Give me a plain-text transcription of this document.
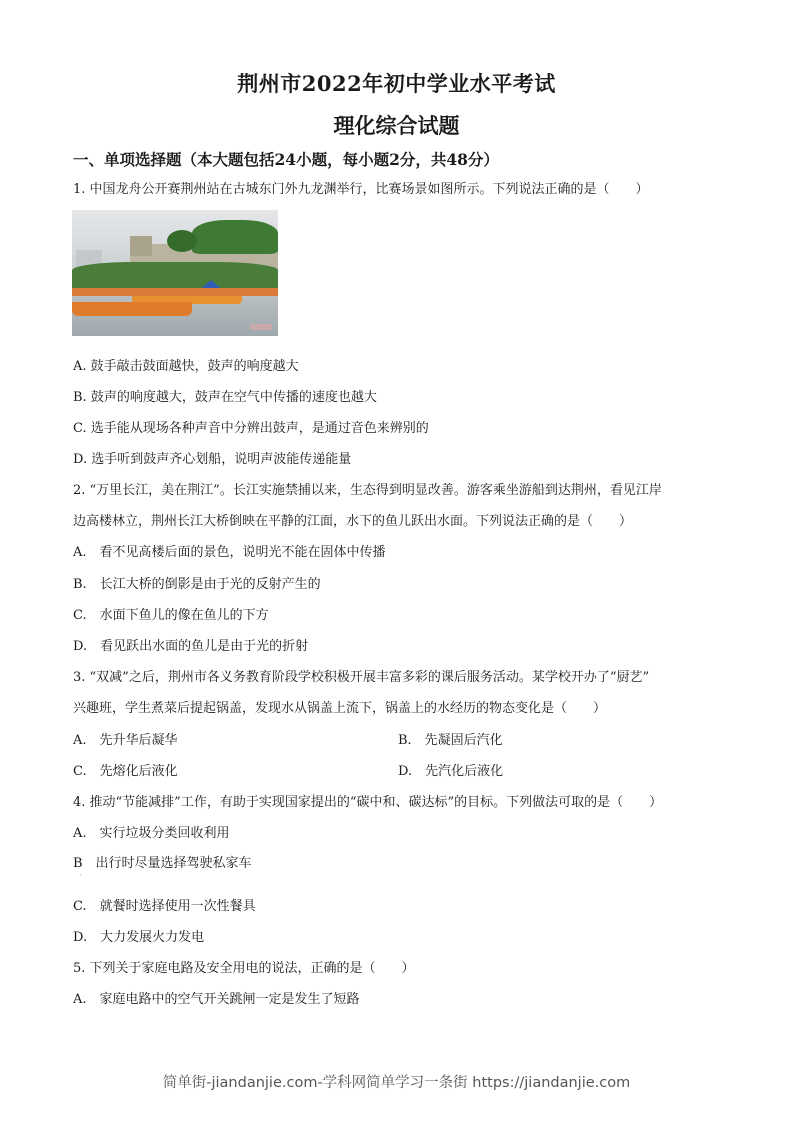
荆州市2022年初中学业水平考试
理化综合试题
一、单项选择题（本大题包括24小题，每小题2分，共48分）
1. 中国龙舟公开赛荆州站在古城东门外九龙渊举行，比赛场景如图所示。下列说法正确的是（　　）
A. 鼓手敲击鼓面越快，鼓声的响度越大
B. 鼓声的响度越大，鼓声在空气中传播的速度也越大
C. 选手能从现场各种声音中分辨出鼓声，是通过音色来辨别的
D. 选手听到鼓声齐心划船，说明声波能传递能量
2. “万里长江，美在荆江”。长江实施禁捕以来，生态得到明显改善。游客乘坐游船到达荆州，看见江岸
边高楼林立，荆州长江大桥倒映在平静的江面，水下的鱼儿跃出水面。下列说法正确的是（　　）
A.　看不见高楼后面的景色，说明光不能在固体中传播
B.　长江大桥的倒影是由于光的反射产生的
C.　水面下鱼儿的像在鱼儿的下方
D.　看见跃出水面的鱼儿是由于光的折射
3. “双减”之后，荆州市各义务教育阶段学校积极开展丰富多彩的课后服务活动。某学校开办了“厨艺”
兴趣班，学生煮菜后提起锅盖，发现水从锅盖上流下，锅盖上的水经历的物态变化是（　　）
A.　先升华后凝华	B.　先凝固后汽化
C.　先熔化后液化	D.　先汽化后液化
4. 推动“节能减排”工作，有助于实现国家提出的“碳中和、碳达标”的目标。下列做法可取的是（　　）
A.　实行垃圾分类回收利用
B　出行时尽量选择驾驶私家车
'
C.　就餐时选择使用一次性餐具
D.　大力发展火力发电
5. 下列关于家庭电路及安全用电的说法，正确的是（　　）
A.　家庭电路中的空气开关跳闸一定是发生了短路
简单街-jiandanjie.com-学科网简单学习一条街 https://jiandanjie.com
